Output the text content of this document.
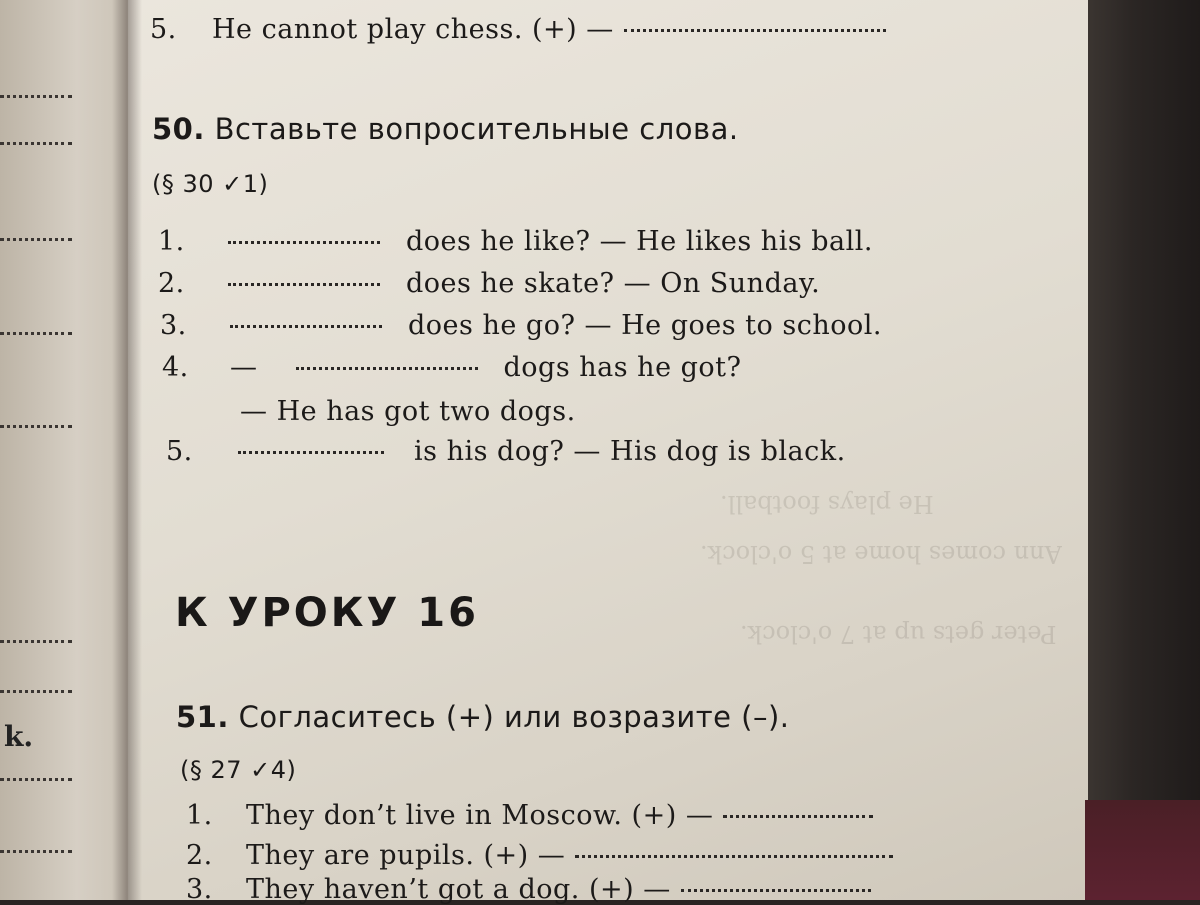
k.
He plays football.
Ann comes home at 5 o'clock.
Peter gets up at 7 o'clock.
5. He cannot play chess. (+) —
50. Вставьте вопросительные слова.
(§ 30 ✓1)
1.	does he like? — He likes his ball.
2.	does he skate? — On Sunday.
3.	does he go? — He goes to school.
4. —	dogs has he got?
— He has got two dogs.
5.	is his dog? — His dog is black.
К УРОКУ 16
51. Согласитесь (+) или возразите (–).
(§ 27 ✓4)
1. They don’t live in Moscow. (+) —
2. They are pupils. (+) —
3. They haven’t got a dog. (+) —
